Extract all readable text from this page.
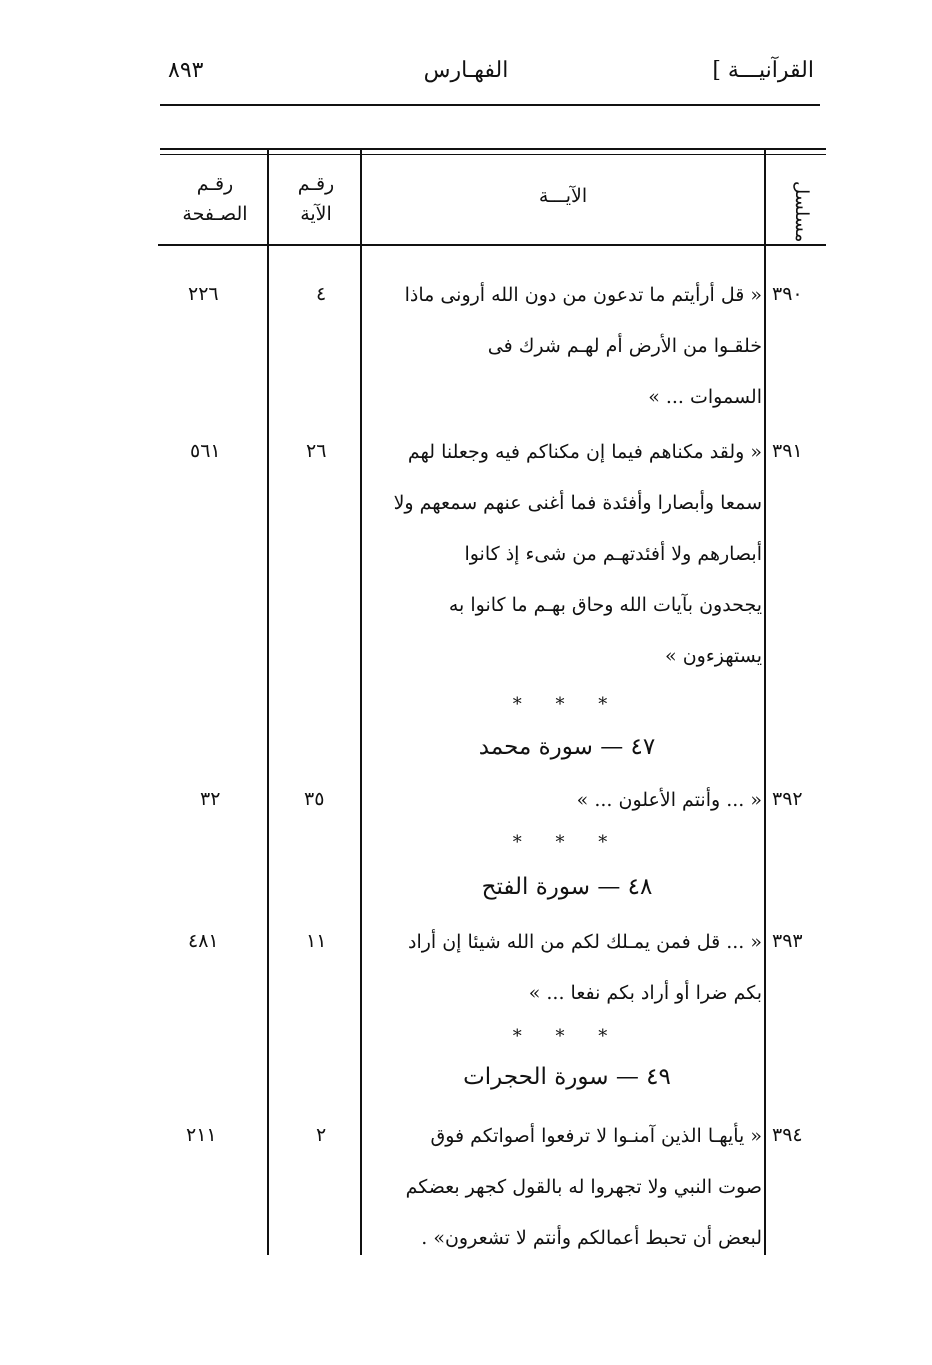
القرآنيـــة ]
الفهـارس
٨٩٣
مسلسل
الآيـــة
رقـم
الآية
رقـم
الصـفحة
٣٩٠
« قل أرأيتم ما تدعون من دون الله أرونى ماذا
خلقـوا من الأرض أم لهـم شرك فى
السموات ... »
٤
٢٢٦
٣٩١
« ولقد مكناهم فيما إن مكناكم فيه وجعلنا لهم
سمعا وأبصارا وأفئدة فما أغنى عنهم سمعهم ولا
أبصارهم ولا أفئدتهـم من شىء إذ كانوا
يجحدون بآيات الله وحاق بهـم ما كانوا به
يستهزءون »
٢٦
٥٦١
* * *
٤٧ — سورة محمد
٣٩٢
« ... وأنتم الأعلون ... »
٣٥
٣٢
* * *
٤٨ — سورة الفتح
٣٩٣
« ... قل فمن يمـلك لكم من الله شيئا إن أراد
بكم ضرا أو أراد بكم نفعا ... »
١١
٤٨١
* * *
٤٩ — سورة الحجرات
٣٩٤
« يأيهـا الذين آمنـوا لا ترفعوا أصواتكم فوق
صوت النبي ولا تجهروا له بالقول كجهر بعضكم
لبعض أن تحبط أعمالكم وأنتم لا تشعرون» .
٢
٢١١
